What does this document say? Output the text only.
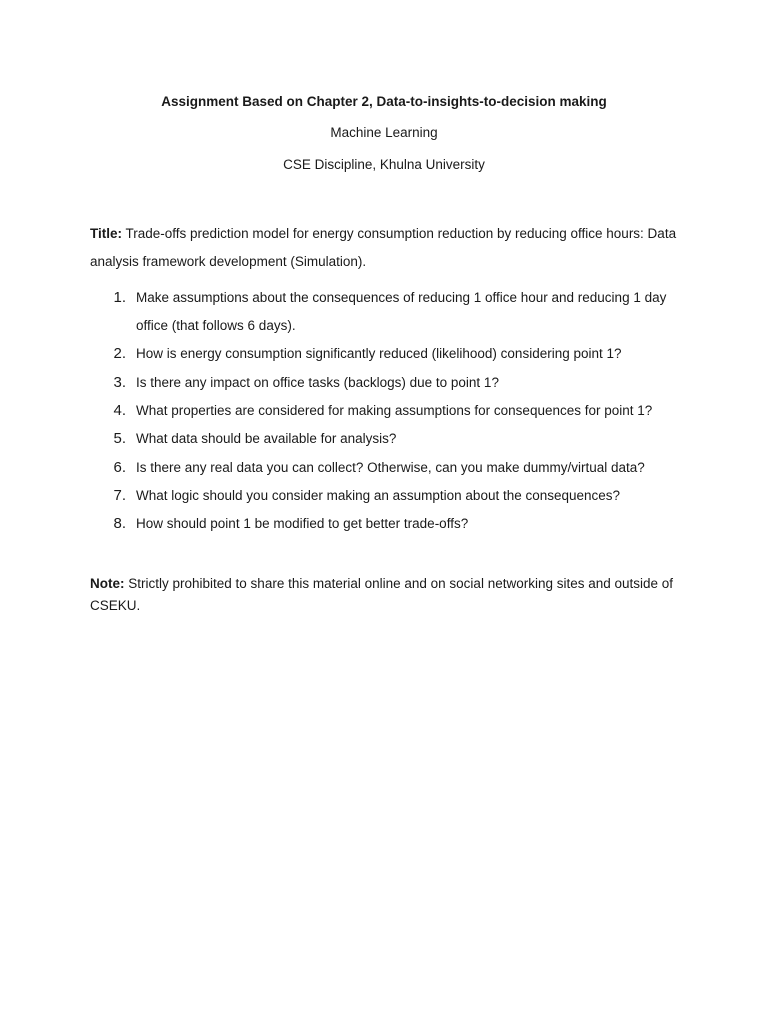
Assignment Based on Chapter 2, Data-to-insights-to-decision making
Machine Learning
CSE Discipline, Khulna University
Title: Trade-offs prediction model for energy consumption reduction by reducing office hours: Data analysis framework development (Simulation).
1. Make assumptions about the consequences of reducing 1 office hour and reducing 1 day office (that follows 6 days).
2. How is energy consumption significantly reduced (likelihood) considering point 1?
3. Is there any impact on office tasks (backlogs) due to point 1?
4. What properties are considered for making assumptions for consequences for point 1?
5. What data should be available for analysis?
6. Is there any real data you can collect? Otherwise, can you make dummy/virtual data?
7. What logic should you consider making an assumption about the consequences?
8. How should point 1 be modified to get better trade-offs?
Note: Strictly prohibited to share this material online and on social networking sites and outside of CSEKU.
